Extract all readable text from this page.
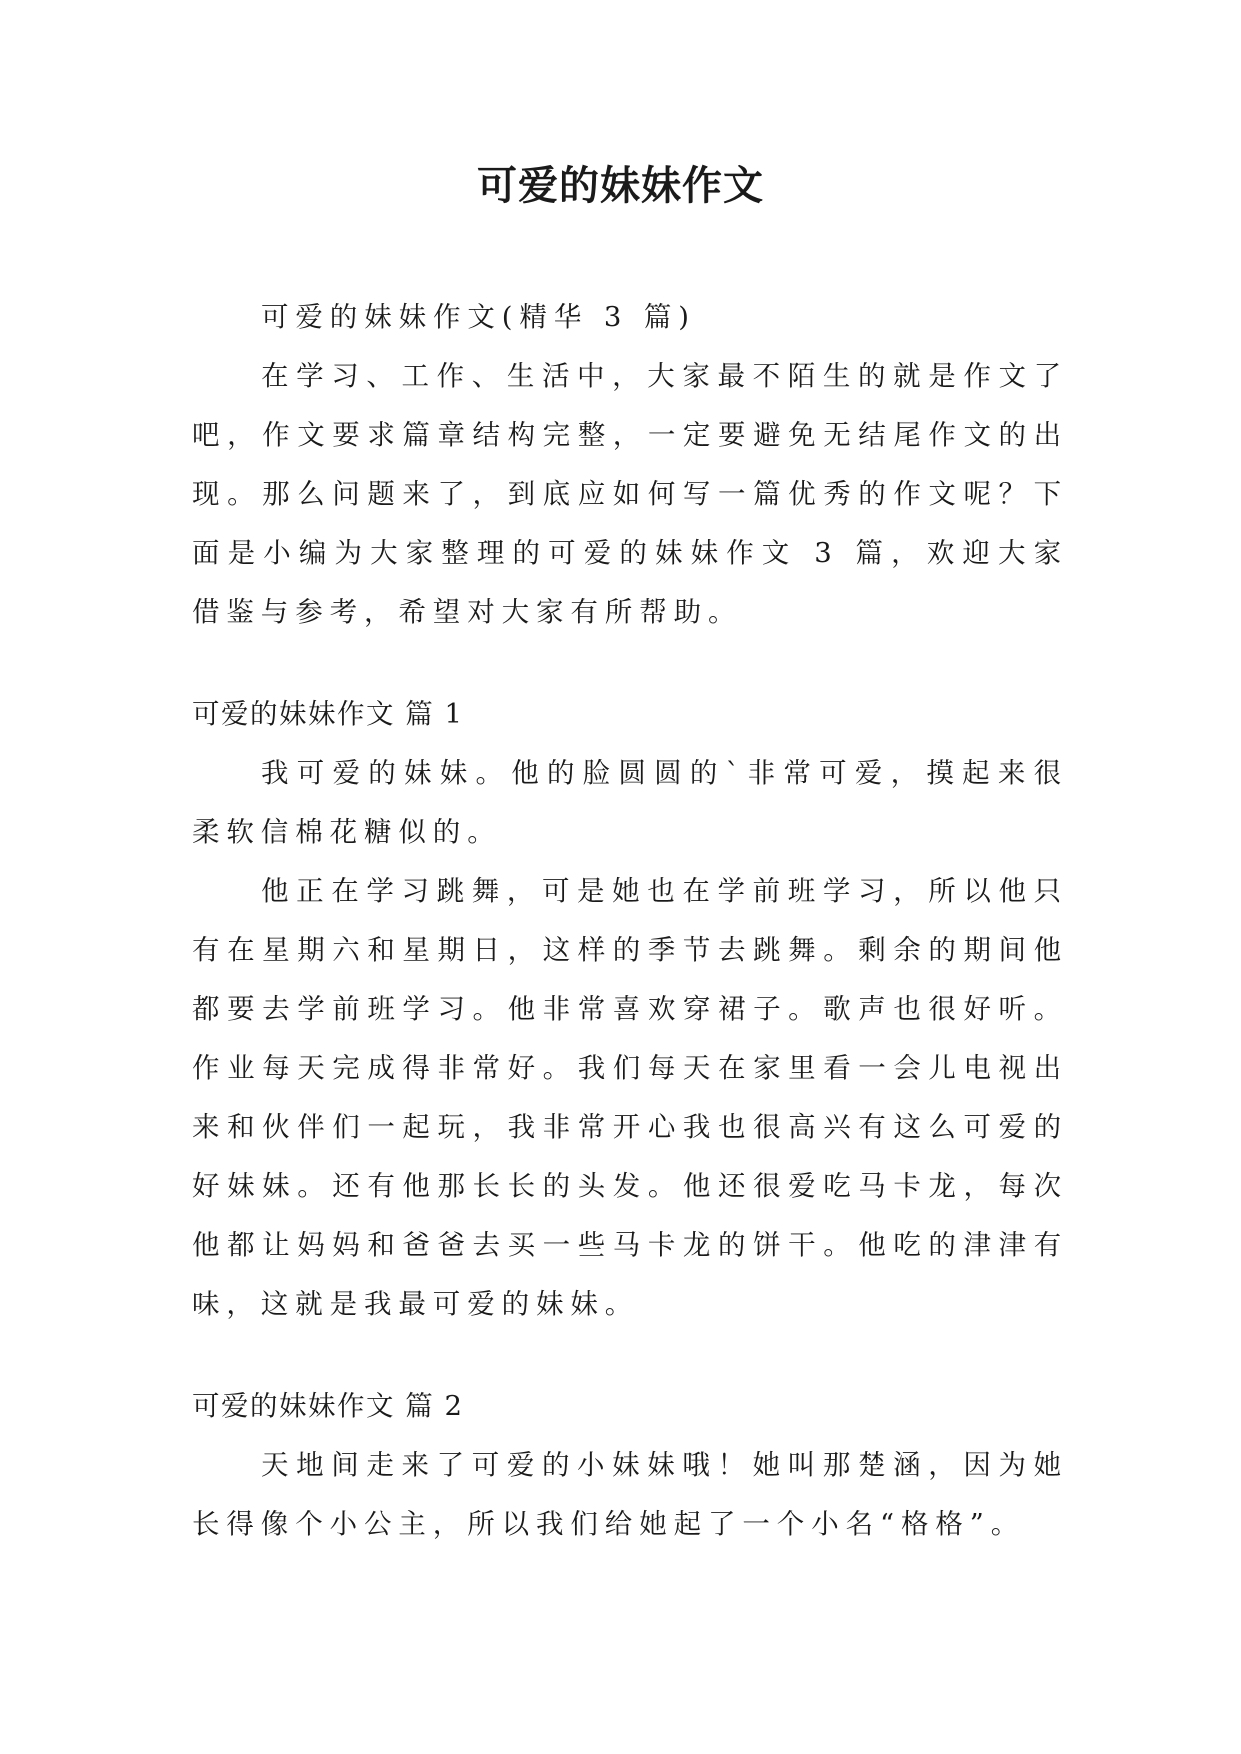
可爱的妹妹作文

可爱的妹妹作文(精华 3 篇)

在学习、工作、生活中，大家最不陌生的就是作文了吧，作文要求篇章结构完整，一定要避免无结尾作文的出现。那么问题来了，到底应如何写一篇优秀的作文呢？下面是小编为大家整理的可爱的妹妹作文 3 篇，欢迎大家借鉴与参考，希望对大家有所帮助。

可爱的妹妹作文 篇 1

我可爱的妹妹。他的脸圆圆的`非常可爱，摸起来很柔软信棉花糖似的。

他正在学习跳舞，可是她也在学前班学习，所以他只有在星期六和星期日，这样的季节去跳舞。剩余的期间他都要去学前班学习。他非常喜欢穿裙子。歌声也很好听。作业每天完成得非常好。我们每天在家里看一会儿电视出来和伙伴们一起玩，我非常开心我也很高兴有这么可爱的好妹妹。还有他那长长的头发。他还很爱吃马卡龙，每次他都让妈妈和爸爸去买一些马卡龙的饼干。他吃的津津有味，这就是我最可爱的妹妹。

可爱的妹妹作文 篇 2

天地间走来了可爱的小妹妹哦！她叫那楚涵，因为她长得像个小公主，所以我们给她起了一个小名“格格”。
